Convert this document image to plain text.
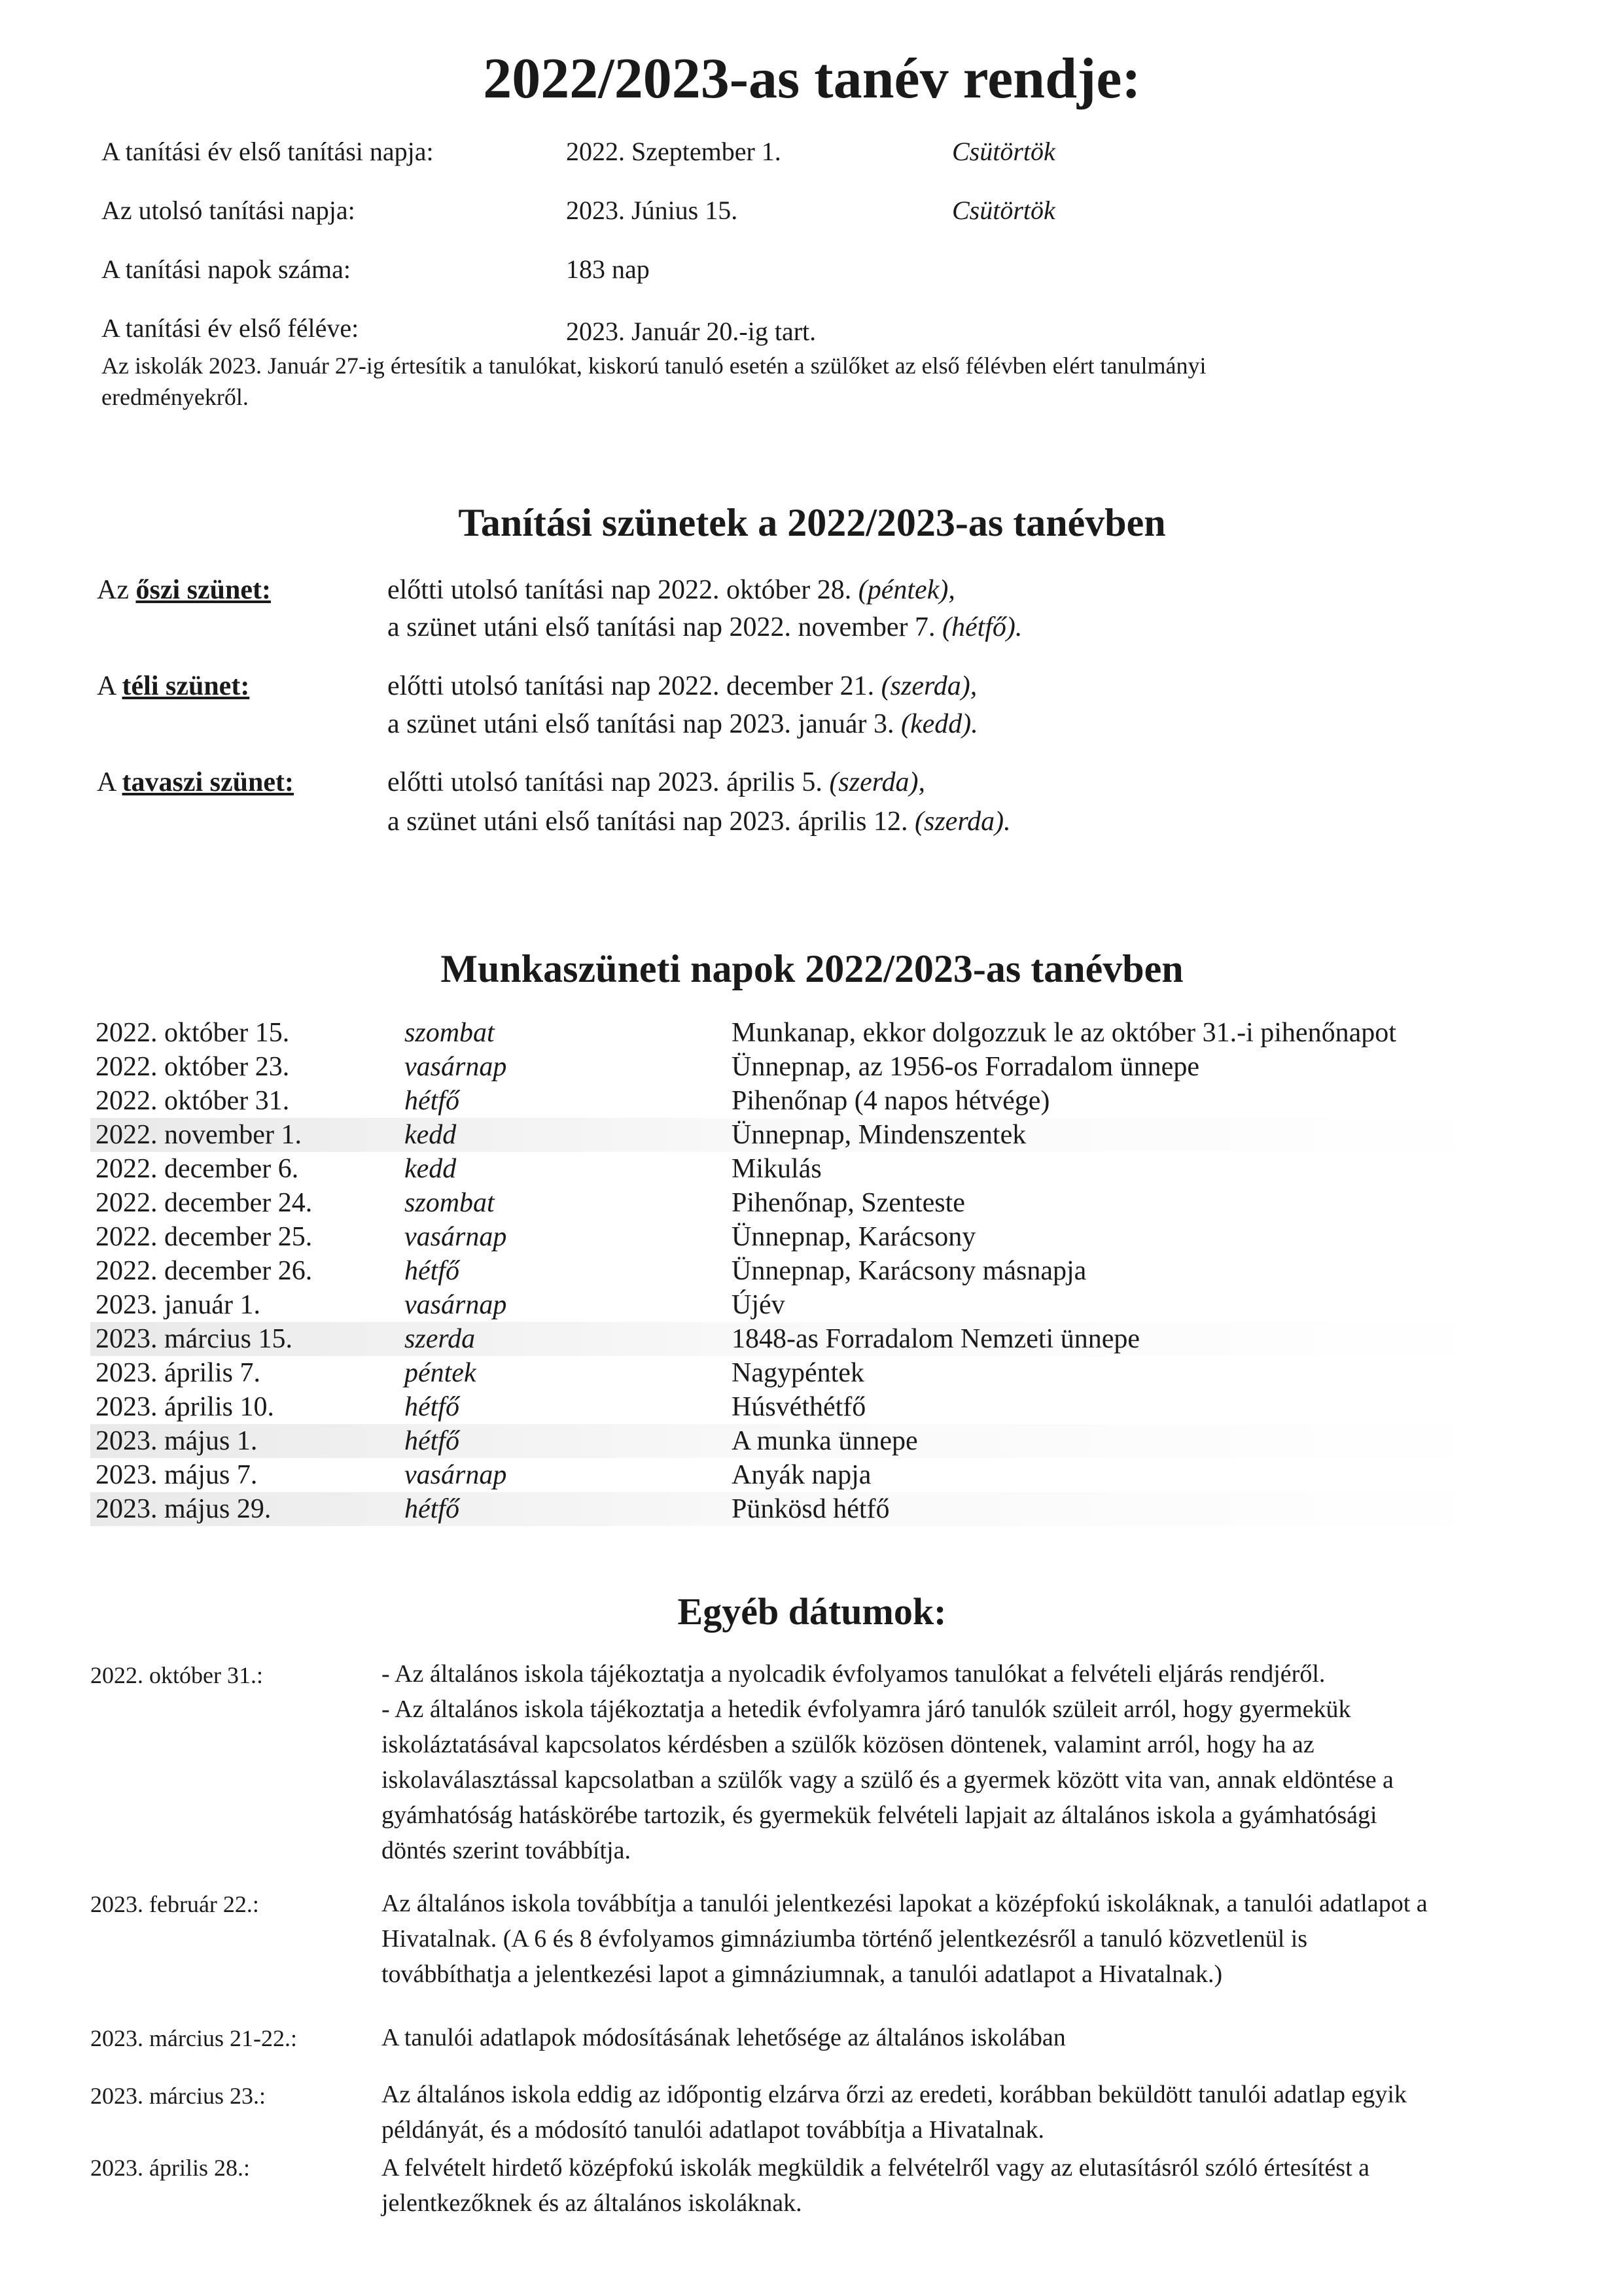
2022/2023-as tanév rendje:
A tanítási év első tanítási napja:	2022. Szeptember 1.	Csütörtök
Az utolsó tanítási napja:	2023. Június 15.	Csütörtök
A tanítási napok száma:	183 nap
A tanítási év első féléve:	2023. Január 20.-ig tart.
Az iskolák 2023. Január 27-ig értesítik a tanulókat, kiskorú tanuló esetén a szülőket az első félévben elért tanulmányi
eredményekről.
Tanítási szünetek a 2022/2023-as tanévben
Az őszi szünet:	előtti utolsó tanítási nap 2022. október 28. (péntek),
a szünet utáni első tanítási nap 2022. november 7. (hétfő).
A téli szünet:	előtti utolsó tanítási nap 2022. december 21. (szerda),
a szünet utáni első tanítási nap 2023. január 3. (kedd).
A tavaszi szünet:	előtti utolsó tanítási nap 2023. április 5. (szerda),
a szünet utáni első tanítási nap 2023. április 12. (szerda).
Munkaszüneti napok 2022/2023-as tanévben
2022. október 15.	szombat	Munkanap, ekkor dolgozzuk le az október 31.-i pihenőnapot
2022. október 23.	vasárnap	Ünnepnap, az 1956-os Forradalom ünnepe
2022. október 31.	hétfő	Pihenőnap (4 napos hétvége)
2022. november 1.	kedd	Ünnepnap, Mindenszentek
2022. december 6.	kedd	Mikulás
2022. december 24.	szombat	Pihenőnap, Szenteste
2022. december 25.	vasárnap	Ünnepnap, Karácsony
2022. december 26.	hétfő	Ünnepnap, Karácsony másnapja
2023. január 1.	vasárnap	Újév
2023. március 15.	szerda	1848-as Forradalom Nemzeti ünnepe
2023. április 7.	péntek	Nagypéntek
2023. április 10.	hétfő	Húsvéthétfő
2023. május 1.	hétfő	A munka ünnepe
2023. május 7.	vasárnap	Anyák napja
2023. május 29.	hétfő	Pünkösd hétfő
Egyéb dátumok:
2022. október 31.:	- Az általános iskola tájékoztatja a nyolcadik évfolyamos tanulókat a felvételi eljárás rendjéről.
- Az általános iskola tájékoztatja a hetedik évfolyamra járó tanulók szüleit arról, hogy gyermekük
iskoláztatásával kapcsolatos kérdésben a szülők közösen döntenek, valamint arról, hogy ha az
iskolaválasztással kapcsolatban a szülők vagy a szülő és a gyermek között vita van, annak eldöntése a
gyámhatóság hatáskörébe tartozik, és gyermekük felvételi lapjait az általános iskola a gyámhatósági
döntés szerint továbbítja.
2023. február 22.:	Az általános iskola továbbítja a tanulói jelentkezési lapokat a középfokú iskoláknak, a tanulói adatlapot a
Hivatalnak. (A 6 és 8 évfolyamos gimnáziumba történő jelentkezésről a tanuló közvetlenül is
továbbíthatja a jelentkezési lapot a gimnáziumnak, a tanulói adatlapot a Hivatalnak.)
2023. március 21-22.:	A tanulói adatlapok módosításának lehetősége az általános iskolában
2023. március 23.:	Az általános iskola eddig az időpontig elzárva őrzi az eredeti, korábban beküldött tanulói adatlap egyik
példányát, és a módosító tanulói adatlapot továbbítja a Hivatalnak.
2023. április 28.:	A felvételt hirdető középfokú iskolák megküldik a felvételről vagy az elutasításról szóló értesítést a
jelentkezőknek és az általános iskoláknak.
